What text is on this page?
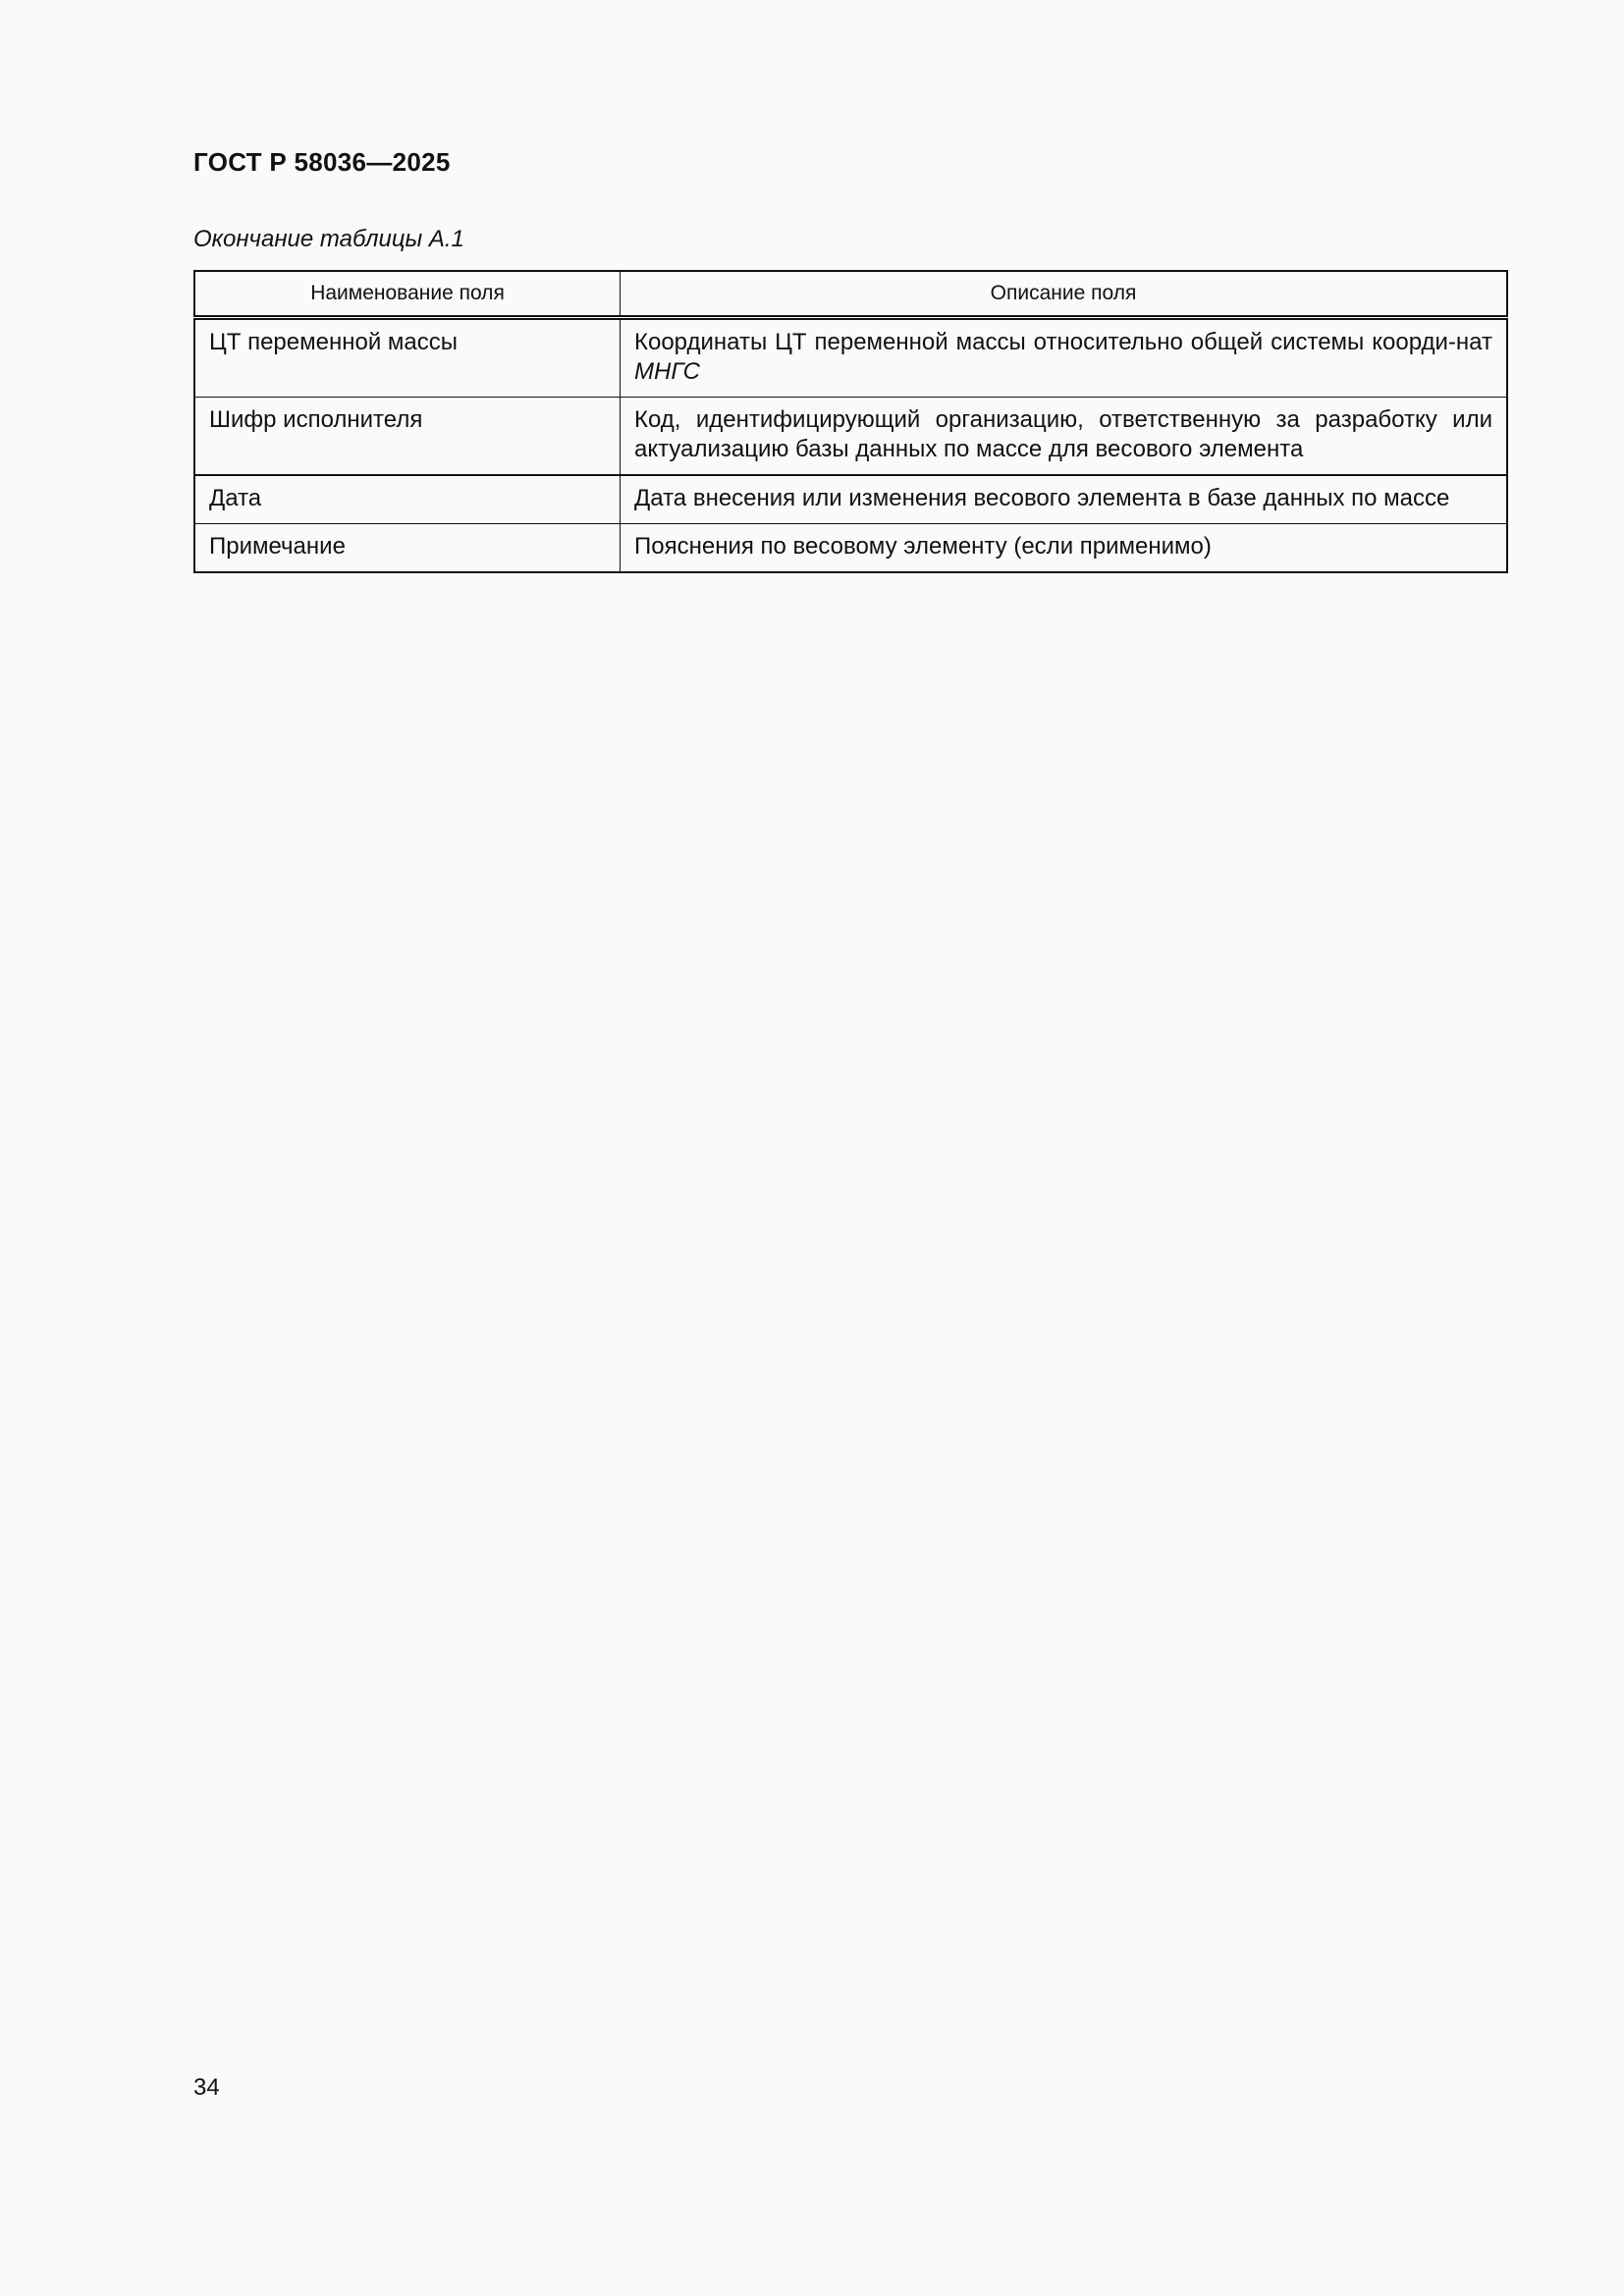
ГОСТ Р 58036—2025
Окончание таблицы А.1
Наименование поля	Описание поля
ЦТ переменной массы	Координаты ЦТ переменной массы относительно общей системы коорди-нат МНГС
Шифр исполнителя	Код, идентифицирующий организацию, ответственную за разработку или актуализацию базы данных по массе для весового элемента
Дата	Дата внесения или изменения весового элемента в базе данных по массе
Примечание	Пояснения по весовому элементу (если применимо)
34
